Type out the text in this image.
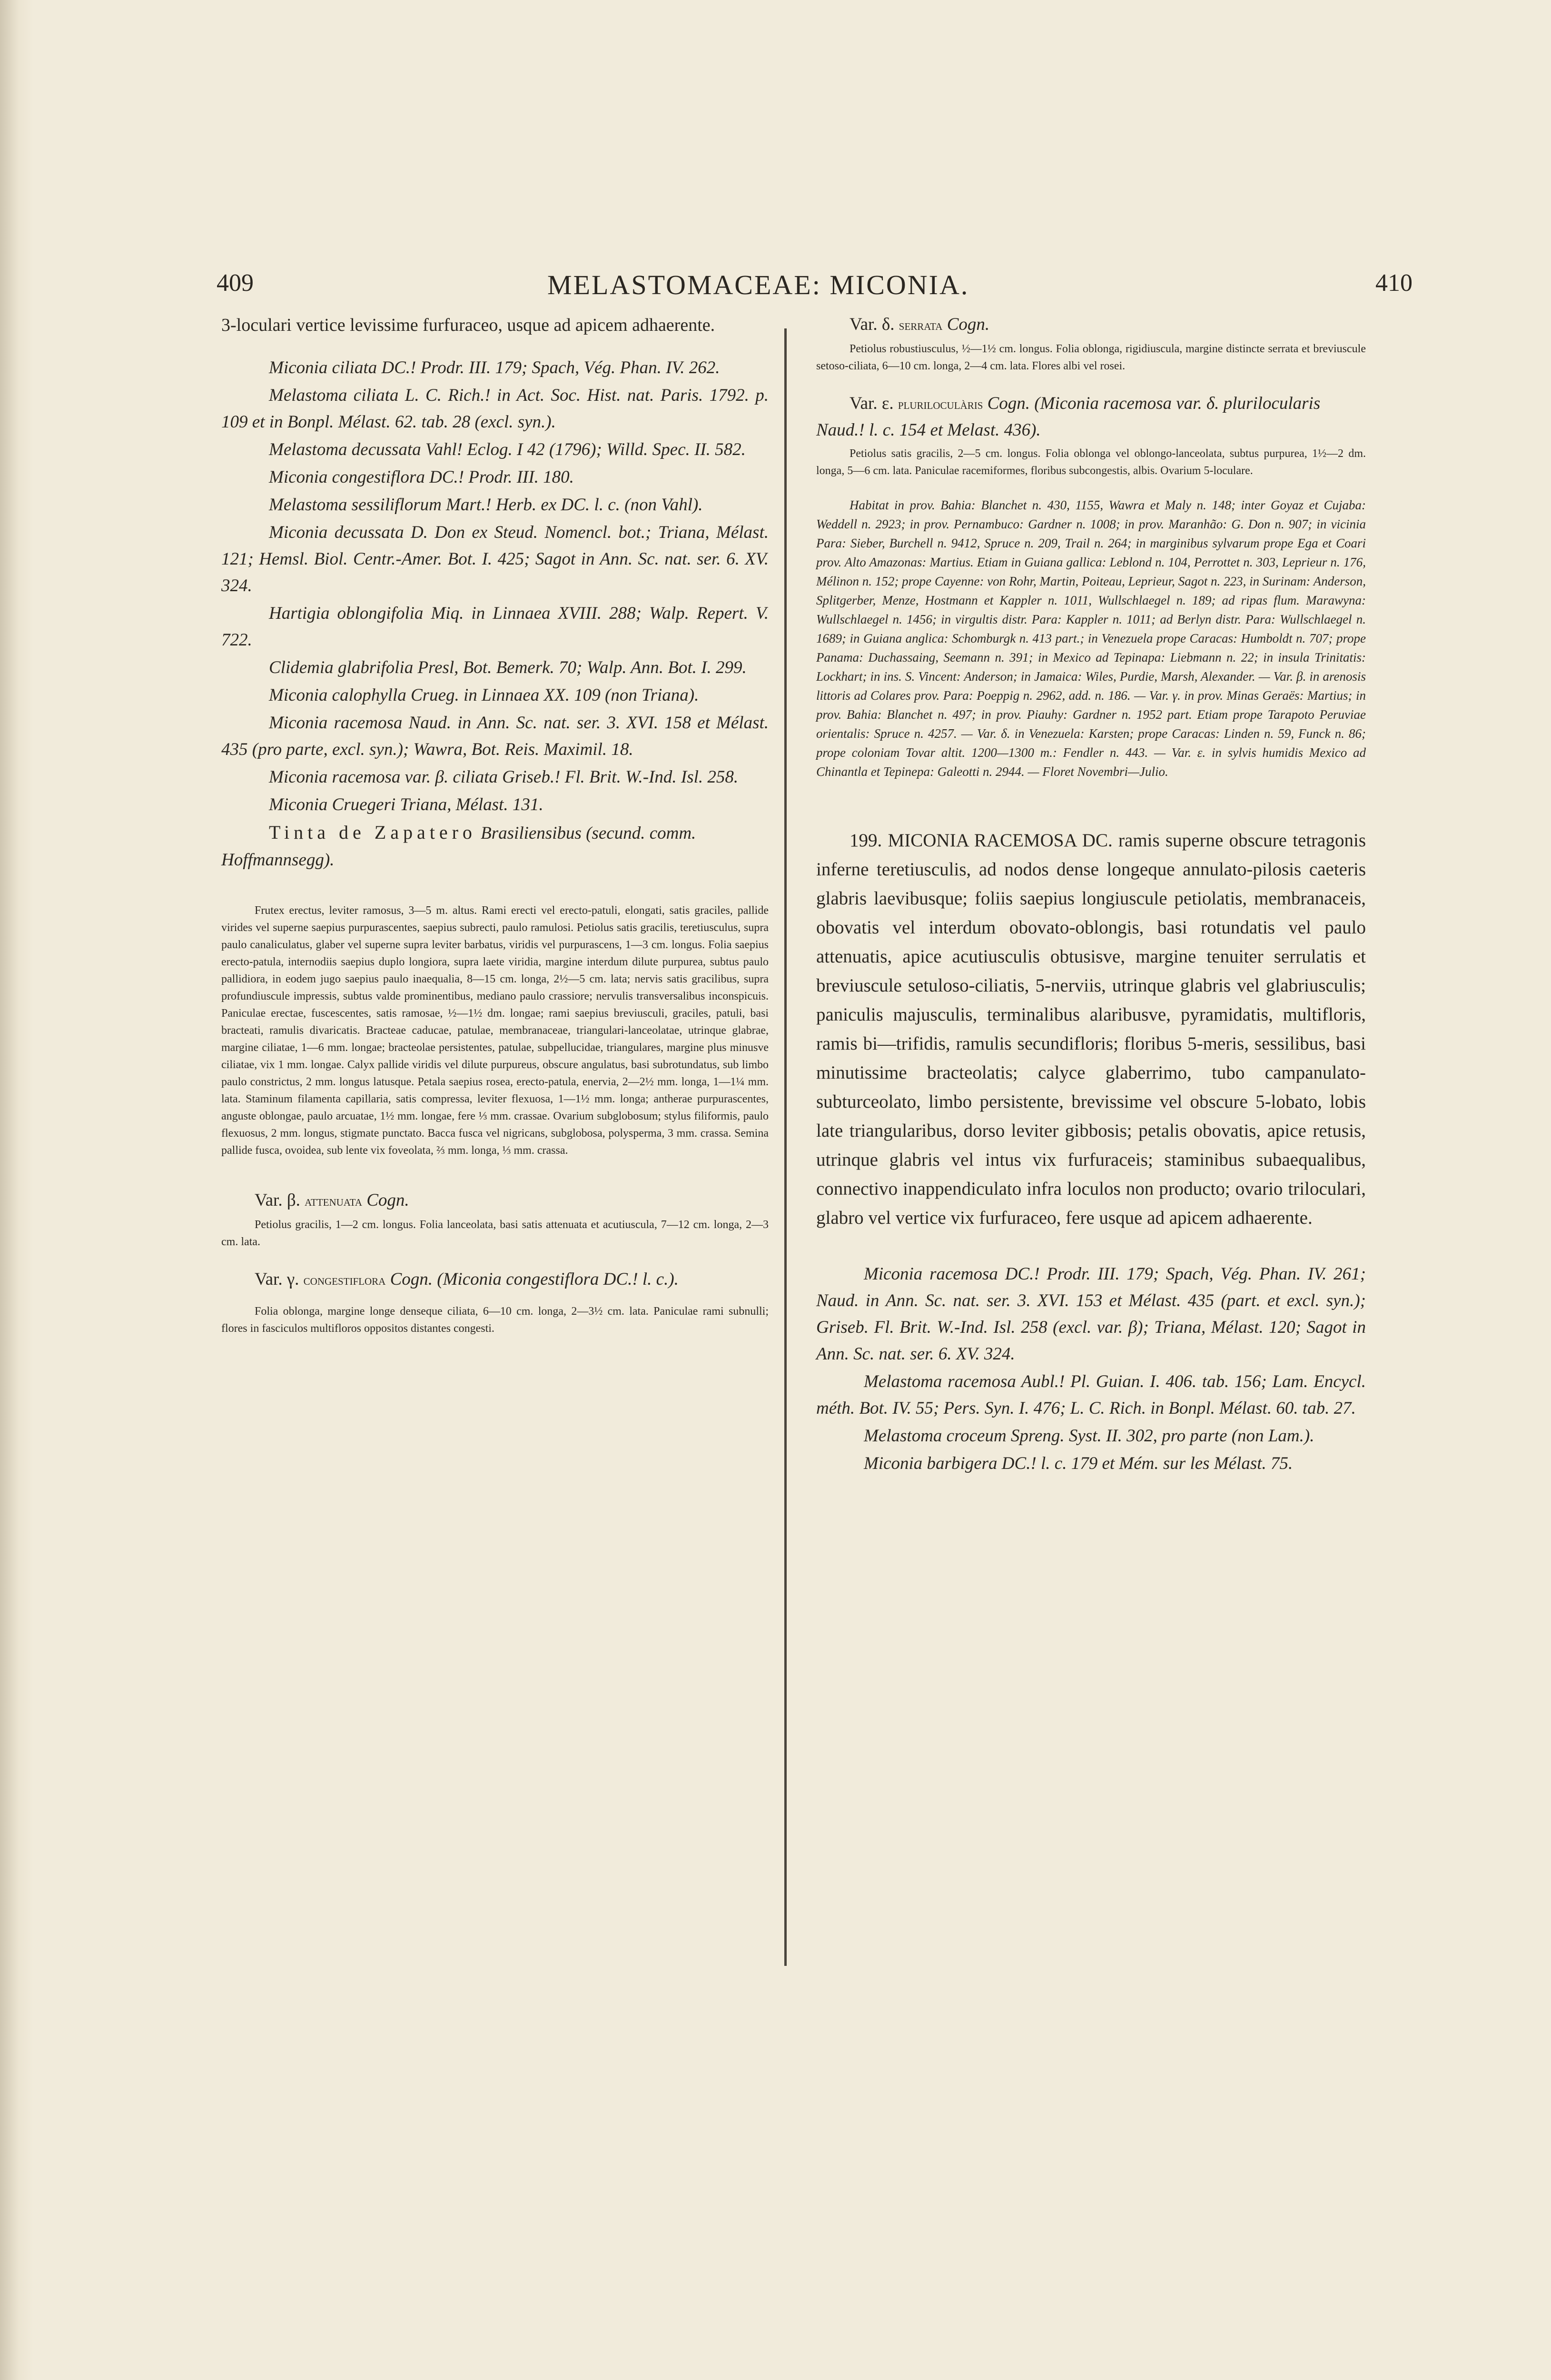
409	MELASTOMACEAE: MICONIA.	410

3-loculari vertice levissime furfuraceo, usque ad apicem adhaerente.

Miconia ciliata DC.! Prodr. III. 179; Spach, Vég. Phan. IV. 262.

Melastoma ciliata L. C. Rich.! in Act. Soc. Hist. nat. Paris. 1792. p. 109 et in Bonpl. Mélast. 62. tab. 28 (excl. syn.).

Melastoma decussata Vahl! Eclog. I 42 (1796); Willd. Spec. II. 582.

Miconia congestiflora DC.! Prodr. III. 180.

Melastoma sessiliflorum Mart.! Herb. ex DC. l. c. (non Vahl).

Miconia decussata D. Don ex Steud. Nomencl. bot.; Triana, Mélast. 121; Hemsl. Biol. Centr.-Amer. Bot. I. 425; Sagot in Ann. Sc. nat. ser. 6. XV. 324.

Hartigia oblongifolia Miq. in Linnaea XVIII. 288; Walp. Repert. V. 722.

Clidemia glabrifolia Presl, Bot. Bemerk. 70; Walp. Ann. Bot. I. 299.

Miconia calophylla Crueg. in Linnaea XX. 109 (non Triana).

Miconia racemosa Naud. in Ann. Sc. nat. ser. 3. XVI. 158 et Mélast. 435 (pro parte, excl. syn.); Wawra, Bot. Reis. Maximil. 18.

Miconia racemosa var. β. ciliata Griseb.! Fl. Brit. W.-Ind. Isl. 258.

Miconia Cruegeri Triana, Mélast. 131.

Tinta de Zapatero Brasiliensibus (secund. comm. Hoffmannsegg).

Frutex erectus, leviter ramosus, 3—5 m. altus. Rami erecti vel erecto-patuli, elongati, satis graciles, pallide virides vel superne saepius purpurascentes, saepius subrecti, paulo ramulosi. Petiolus satis gracilis, teretiusculus, supra paulo canaliculatus, glaber vel superne supra leviter barbatus, viridis vel purpurascens, 1—3 cm. longus. Folia saepius erecto-patula, internodiis saepius duplo longiora, supra laete viridia, margine interdum dilute purpurea, subtus paulo pallidiora, in eodem jugo saepius paulo inaequalia, 8—15 cm. longa, 2½—5 cm. lata; nervis satis gracilibus, supra profundiuscule impressis, subtus valde prominentibus, mediano paulo crassiore; nervulis transversalibus inconspicuis. Paniculae erectae, fuscescentes, satis ramosae, ½—1½ dm. longae; rami saepius breviusculi, graciles, patuli, basi bracteati, ramulis divaricatis. Bracteae caducae, patulae, membranaceae, triangulari-lanceolatae, utrinque glabrae, margine ciliatae, 1—6 mm. longae; bracteolae persistentes, patulae, subpellucidae, triangulares, margine plus minusve ciliatae, vix 1 mm. longae. Calyx pallide viridis vel dilute purpureus, obscure angulatus, basi subrotundatus, sub limbo paulo constrictus, 2 mm. longus latusque. Petala saepius rosea, erecto-patula, enervia, 2—2½ mm. longa, 1—1¼ mm. lata. Staminum filamenta capillaria, satis compressa, leviter flexuosa, 1—1½ mm. longa; antherae purpurascentes, anguste oblongae, paulo arcuatae, 1½ mm. longae, fere ⅓ mm. crassae. Ovarium subglobosum; stylus filiformis, paulo flexuosus, 2 mm. longus, stigmate punctato. Bacca fusca vel nigricans, subglobosa, polysperma, 3 mm. crassa. Semina pallide fusca, ovoidea, sub lente vix foveolata, ⅔ mm. longa, ⅓ mm. crassa.

Var. β. attenuata Cogn.

Petiolus gracilis, 1—2 cm. longus. Folia lanceolata, basi satis attenuata et acutiuscula, 7—12 cm. longa, 2—3 cm. lata.

Var. γ. congestiflora Cogn. (Miconia congestiflora DC.! l. c.).

Folia oblonga, margine longe denseque ciliata, 6—10 cm. longa, 2—3½ cm. lata. Paniculae rami subnulli; flores in fasciculos multifloros oppositos distantes congesti.

Var. δ. serrata Cogn.

Petiolus robustiusculus, ½—1½ cm. longus. Folia oblonga, rigidiuscula, margine distincte serrata et breviuscule setoso-ciliata, 6—10 cm. longa, 2—4 cm. lata. Flores albi vel rosei.

Var. ε. pluriloculàris Cogn. (Miconia racemosa var. δ. plurilocularis Naud.! l. c. 154 et Melast. 436).

Petiolus satis gracilis, 2—5 cm. longus. Folia oblonga vel oblongo-lanceolata, subtus purpurea, 1½—2 dm. longa, 5—6 cm. lata. Paniculae racemiformes, floribus subcongestis, albis. Ovarium 5-loculare.

Habitat in prov. Bahia: Blanchet n. 430, 1155, Wawra et Maly n. 148; inter Goyaz et Cujaba: Weddell n. 2923; in prov. Pernambuco: Gardner n. 1008; in prov. Maranhão: G. Don n. 907; in vicinia Para: Sieber, Burchell n. 9412, Spruce n. 209, Trail n. 264; in marginibus sylvarum prope Ega et Coari prov. Alto Amazonas: Martius. Etiam in Guiana gallica: Leblond n. 104, Perrottet n. 303, Leprieur n. 176, Mélinon n. 152; prope Cayenne: von Rohr, Martin, Poiteau, Leprieur, Sagot n. 223, in Surinam: Anderson, Splitgerber, Menze, Hostmann et Kappler n. 1011, Wullschlaegel n. 189; ad ripas flum. Marawyna: Wullschlaegel n. 1456; in virgultis distr. Para: Kappler n. 1011; ad Berlyn distr. Para: Wullschlaegel n. 1689; in Guiana anglica: Schomburgk n. 413 part.; in Venezuela prope Caracas: Humboldt n. 707; prope Panama: Duchassaing, Seemann n. 391; in Mexico ad Tepinapa: Liebmann n. 22; in insula Trinitatis: Lockhart; in ins. S. Vincent: Anderson; in Jamaica: Wiles, Purdie, Marsh, Alexander. — Var. β. in arenosis littoris ad Colares prov. Para: Poeppig n. 2962, add. n. 186. — Var. γ. in prov. Minas Geraës: Martius; in prov. Bahia: Blanchet n. 497; in prov. Piauhy: Gardner n. 1952 part. Etiam prope Tarapoto Peruviae orientalis: Spruce n. 4257. — Var. δ. in Venezuela: Karsten; prope Caracas: Linden n. 59, Funck n. 86; prope coloniam Tovar altit. 1200—1300 m.: Fendler n. 443. — Var. ε. in sylvis humidis Mexico ad Chinantla et Tepinepa: Galeotti n. 2944. — Floret Novembri—Julio.

199. MICONIA RACEMOSA DC. ramis superne obscure tetragonis inferne teretiusculis, ad nodos dense longeque annulato-pilosis caeteris glabris laevibusque; foliis saepius longiuscule petiolatis, membranaceis, obovatis vel interdum obovato-oblongis, basi rotundatis vel paulo attenuatis, apice acutiusculis obtusisve, margine tenuiter serrulatis et breviuscule setuloso-ciliatis, 5-nerviis, utrinque glabris vel glabriusculis; paniculis majusculis, terminalibus alaribusve, pyramidatis, multifloris, ramis bi—trifidis, ramulis secundifloris; floribus 5-meris, sessilibus, basi minutissime bracteolatis; calyce glaberrimo, tubo campanulato-subturceolato, limbo persistente, brevissime vel obscure 5-lobato, lobis late triangularibus, dorso leviter gibbosis; petalis obovatis, apice retusis, utrinque glabris vel intus vix furfuraceis; staminibus subaequalibus, connectivo inappendiculato infra loculos non producto; ovario triloculari, glabro vel vertice vix furfuraceo, fere usque ad apicem adhaerente.

Miconia racemosa DC.! Prodr. III. 179; Spach, Vég. Phan. IV. 261; Naud. in Ann. Sc. nat. ser. 3. XVI. 153 et Mélast. 435 (part. et excl. syn.); Griseb. Fl. Brit. W.-Ind. Isl. 258 (excl. var. β); Triana, Mélast. 120; Sagot in Ann. Sc. nat. ser. 6. XV. 324.

Melastoma racemosa Aubl.! Pl. Guian. I. 406. tab. 156; Lam. Encycl. méth. Bot. IV. 55; Pers. Syn. I. 476; L. C. Rich. in Bonpl. Mélast. 60. tab. 27.

Melastoma croceum Spreng. Syst. II. 302, pro parte (non Lam.).

Miconia barbigera DC.! l. c. 179 et Mém. sur les Mélast. 75.
